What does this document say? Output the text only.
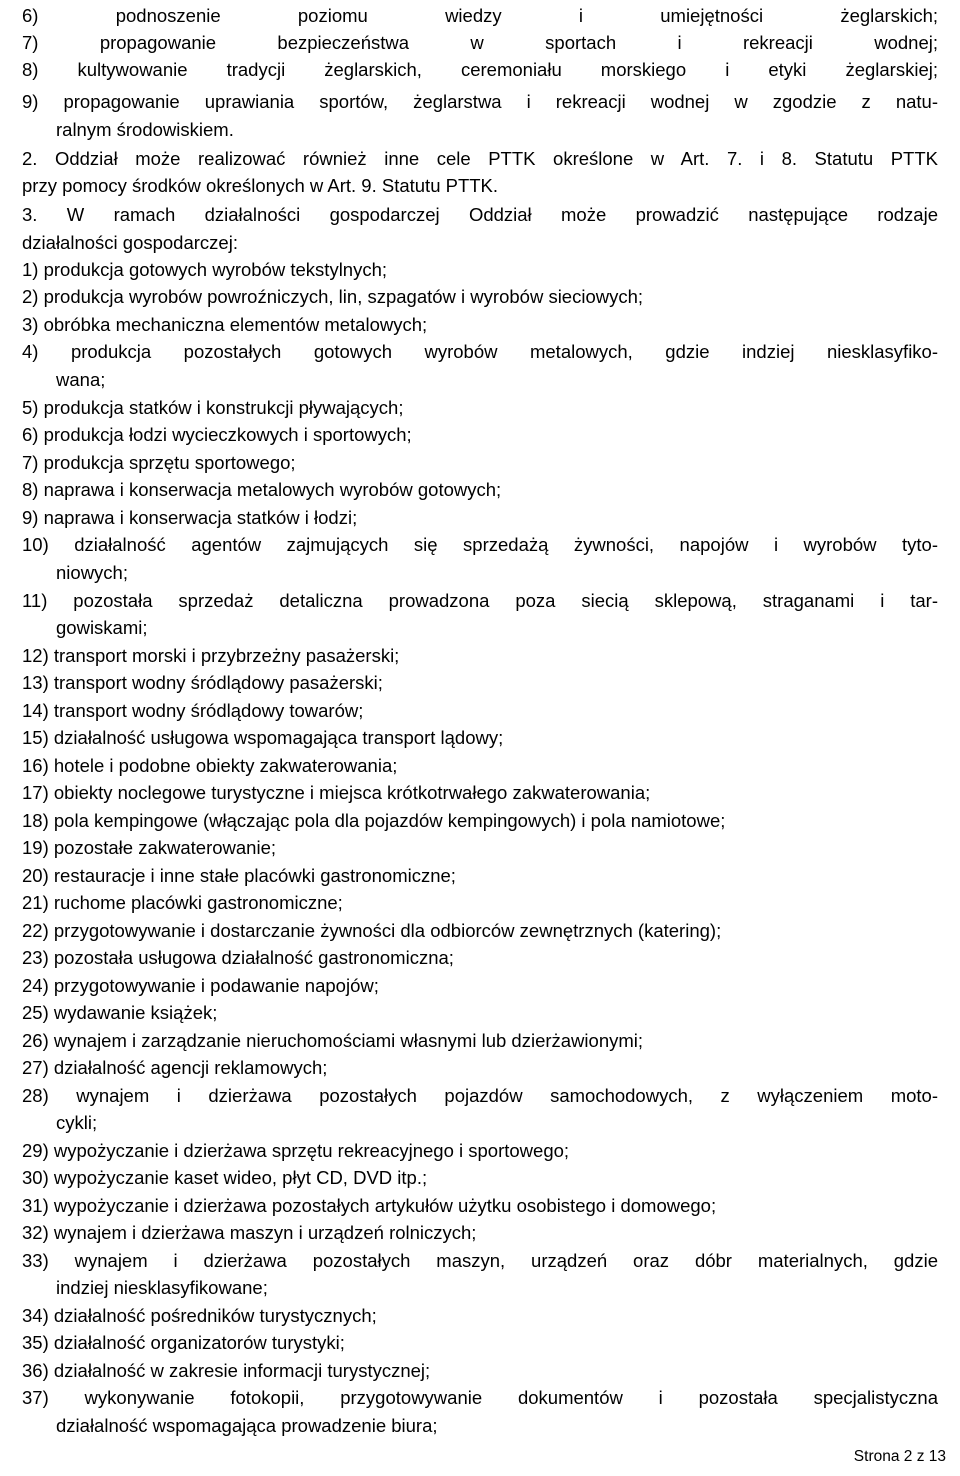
6) podnoszenie poziomu wiedzy i umiejętności żeglarskich;
7) propagowanie bezpieczeństwa w sportach i rekreacji wodnej;
8) kultywowanie tradycji żeglarskich, ceremoniału morskiego i etyki żeglarskiej;
9) propagowanie uprawiania sportów, żeglarstwa i rekreacji wodnej w zgodzie z natu-
ralnym środowiskiem.
2. Oddział może realizować również inne cele PTTK określone w Art. 7. i 8. Statutu PTTK
przy pomocy środków określonych w Art. 9. Statutu PTTK.
3. W ramach działalności gospodarczej Oddział może prowadzić następujące rodzaje
działalności gospodarczej:
1) produkcja gotowych wyrobów tekstylnych;
2) produkcja wyrobów powroźniczych, lin, szpagatów i wyrobów sieciowych;
3) obróbka mechaniczna elementów metalowych;
4) produkcja pozostałych gotowych wyrobów metalowych, gdzie indziej niesklasyfiko-
wana;
5) produkcja statków i konstrukcji pływających;
6) produkcja łodzi wycieczkowych i sportowych;
7) produkcja sprzętu sportowego;
8) naprawa i konserwacja metalowych wyrobów gotowych;
9) naprawa i konserwacja statków i łodzi;
10) działalność agentów zajmujących się sprzedażą żywności, napojów i wyrobów tyto-
niowych;
11) pozostała sprzedaż detaliczna prowadzona poza siecią sklepową, straganami i tar-
gowiskami;
12) transport morski i przybrzeżny pasażerski;
13) transport wodny śródlądowy pasażerski;
14) transport wodny śródlądowy towarów;
15) działalność usługowa wspomagająca transport lądowy;
16) hotele i podobne obiekty zakwaterowania;
17) obiekty noclegowe turystyczne i miejsca krótkotrwałego zakwaterowania;
18) pola kempingowe (włączając pola dla pojazdów kempingowych) i pola namiotowe;
19) pozostałe zakwaterowanie;
20) restauracje i inne stałe placówki gastronomiczne;
21) ruchome placówki gastronomiczne;
22) przygotowywanie i dostarczanie żywności dla odbiorców zewnętrznych (katering);
23) pozostała usługowa działalność gastronomiczna;
24) przygotowywanie i podawanie napojów;
25) wydawanie książek;
26) wynajem i zarządzanie nieruchomościami własnymi lub dzierżawionymi;
27) działalność agencji reklamowych;
28) wynajem i dzierżawa pozostałych pojazdów samochodowych, z wyłączeniem moto-
cykli;
29) wypożyczanie i dzierżawa sprzętu rekreacyjnego i sportowego;
30) wypożyczanie kaset wideo, płyt CD, DVD itp.;
31) wypożyczanie i dzierżawa pozostałych artykułów użytku osobistego i domowego;
32) wynajem i dzierżawa maszyn i urządzeń rolniczych;
33) wynajem i dzierżawa pozostałych maszyn, urządzeń oraz dóbr materialnych, gdzie
indziej niesklasyfikowane;
34) działalność pośredników turystycznych;
35) działalność organizatorów turystyki;
36) działalność w zakresie informacji turystycznej;
37) wykonywanie fotokopii, przygotowywanie dokumentów i pozostała specjalistyczna
działalność wspomagająca prowadzenie biura;
Strona 2 z 13
